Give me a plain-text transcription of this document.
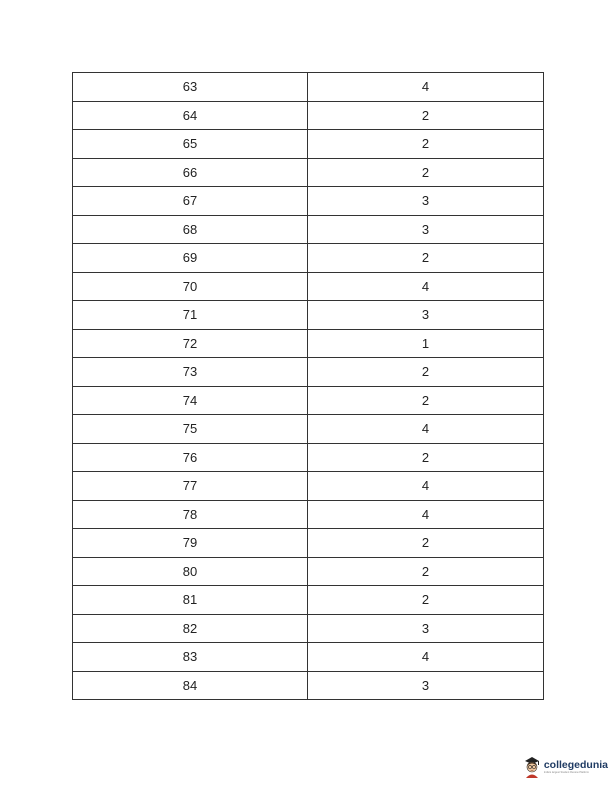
63	4
64	2
65	2
66	2
67	3
68	3
69	2
70	4
71	3
72	1
73	2
74	2
75	4
76	2
77	4
78	4
79	2
80	2
81	2
82	3
83	4
84	3
collegedunia
India's largest Student Review Platform
